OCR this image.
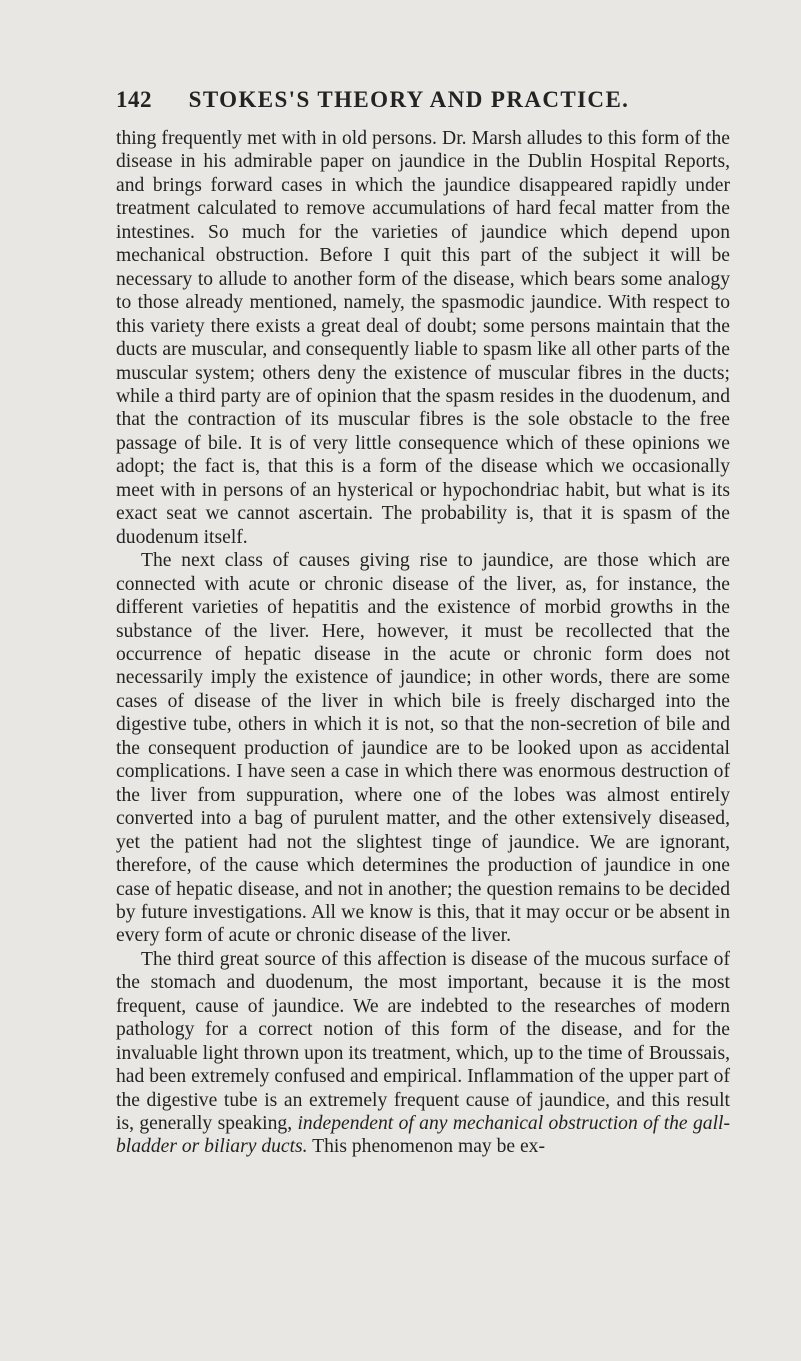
142	STOKES'S THEORY AND PRACTICE.

thing frequently met with in old persons. Dr. Marsh alludes to this form of the disease in his admirable paper on jaundice in the Dublin Hospital Reports, and brings forward cases in which the jaundice disappeared rapidly under treatment calculated to remove accumulations of hard fecal matter from the intestines. So much for the varieties of jaundice which depend upon mechanical obstruction. Before I quit this part of the subject it will be necessary to allude to another form of the disease, which bears some analogy to those already mentioned, namely, the spasmodic jaundice. With respect to this variety there exists a great deal of doubt; some persons maintain that the ducts are muscular, and consequently liable to spasm like all other parts of the muscular system; others deny the existence of muscular fibres in the ducts; while a third party are of opinion that the spasm resides in the duodenum, and that the contraction of its muscular fibres is the sole obstacle to the free passage of bile. It is of very little consequence which of these opinions we adopt; the fact is, that this is a form of the disease which we occasionally meet with in persons of an hysterical or hypochondriac habit, but what is its exact seat we cannot ascertain. The probability is, that it is spasm of the duodenum itself.

The next class of causes giving rise to jaundice, are those which are connected with acute or chronic disease of the liver, as, for instance, the different varieties of hepatitis and the existence of morbid growths in the substance of the liver. Here, however, it must be recollected that the occurrence of hepatic disease in the acute or chronic form does not necessarily imply the existence of jaundice; in other words, there are some cases of disease of the liver in which bile is freely discharged into the digestive tube, others in which it is not, so that the non-secretion of bile and the consequent production of jaundice are to be looked upon as accidental complications. I have seen a case in which there was enormous destruction of the liver from suppuration, where one of the lobes was almost entirely converted into a bag of purulent matter, and the other extensively diseased, yet the patient had not the slightest tinge of jaundice. We are ignorant, therefore, of the cause which determines the production of jaundice in one case of hepatic disease, and not in another; the question remains to be decided by future investigations. All we know is this, that it may occur or be absent in every form of acute or chronic disease of the liver.

The third great source of this affection is disease of the mucous surface of the stomach and duodenum, the most important, because it is the most frequent, cause of jaundice. We are indebted to the researches of modern pathology for a correct notion of this form of the disease, and for the invaluable light thrown upon its treatment, which, up to the time of Broussais, had been extremely confused and empirical. Inflammation of the upper part of the digestive tube is an extremely frequent cause of jaundice, and this result is, generally speaking, independent of any mechanical obstruction of the gall-bladder or biliary ducts. This phenomenon may be ex-
